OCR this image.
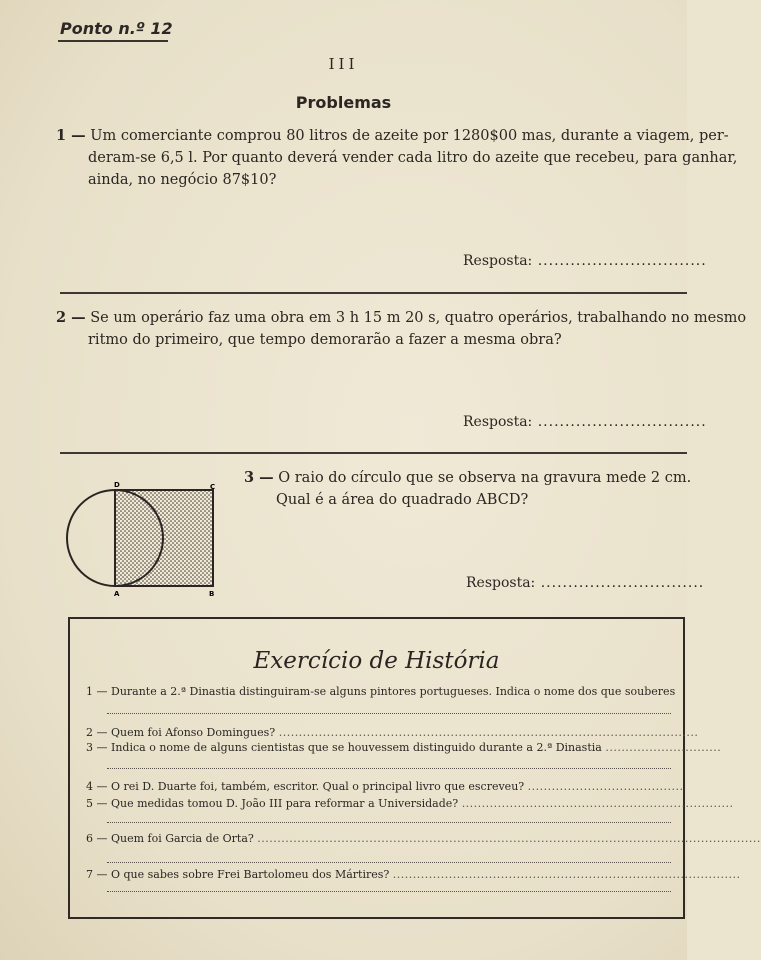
Ponto n.º 12
III
Problemas
1 — Um comerciante comprou 80 litros de azeite por 1280$00 mas, durante a viagem, per-
deram-se 6,5 l. Por quanto deverá vender cada litro do azeite que recebeu, para ganhar,
ainda, no negócio 87$10?
Resposta: ...............................
2 — Se um operário faz uma obra em 3 h 15 m 20 s, quatro operários, trabalhando no mesmo
ritmo do primeiro, que tempo demorarão a fazer a mesma obra?
Resposta: ...............................
D	C
A	B
3 — O raio do círculo que se observa na gravura mede 2 cm.
Qual é a área do quadrado ABCD?
Resposta: ..............................
Exercício de História
1 — Durante a 2.ª Dinastia distinguiram-se alguns pintores portugueses. Indica o nome dos que souberes
2 — Quem foi Afonso Domingues? .........................................................................................................
3 — Indica o nome de alguns cientistas que se houvessem distinguido durante a 2.ª Dinastia .............................
4 — O rei D. Duarte foi, também, escritor. Qual o principal livro que escreveu? .......................................
5 — Que medidas tomou D. João III para reformar a Universidade? ....................................................................
6 — Quem foi Garcia de Orta? ..............................................................................................................................
7 — O que sabes sobre Frei Bartolomeu dos Mártires? .......................................................................................
